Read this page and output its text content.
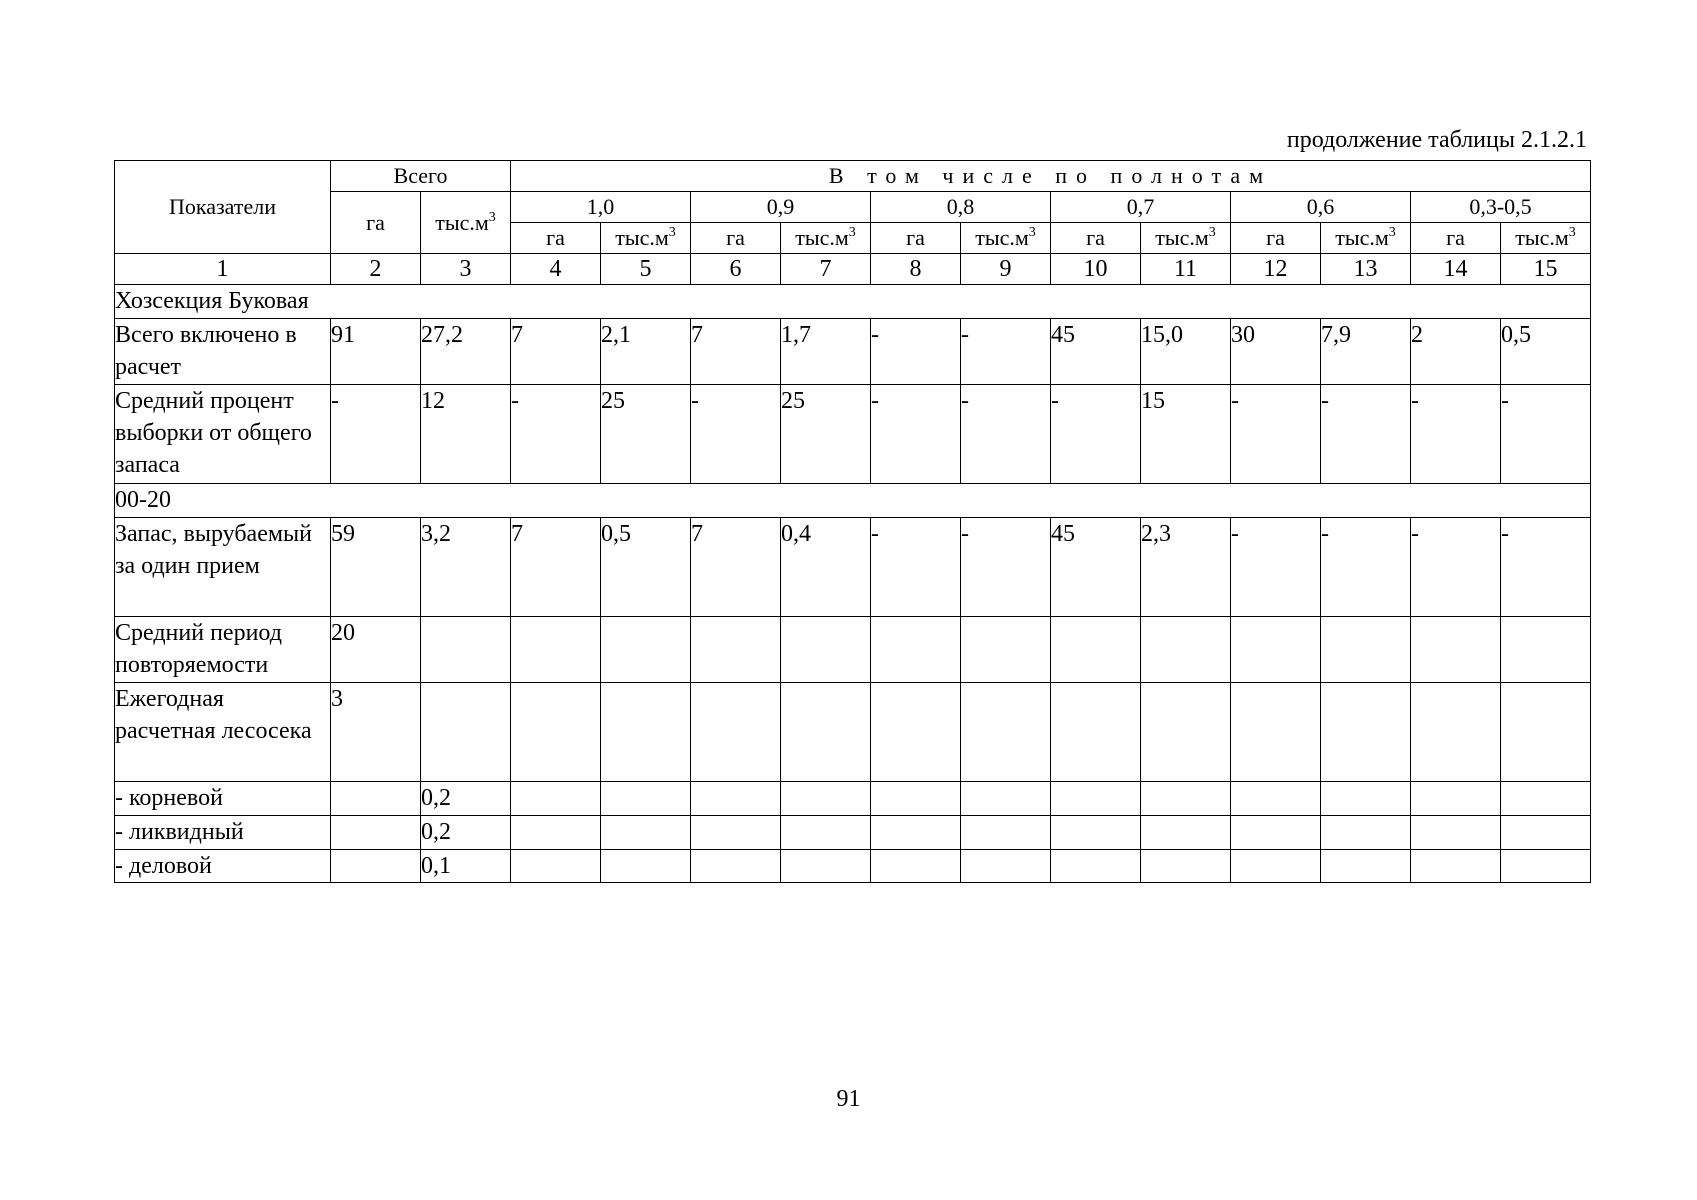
продолжение таблицы 2.1.2.1
Показатели	Всего		В том числе по полнотам											
	га	$тыс.м^3$	1,0		0,9		0,8		0,7		0,6		0,3-0,5	
			га	$тыс.м^3$	га	$тыс.м^3$	га	$тыс.м^3$	га	$тыс.м^3$	га	$тыс.м^3$	га	$тыс.м^3$
1	2	3	4	5	6	7	8	9	10	11	12	13	14	15
Хозсекция Буковая														
Всего включено в расчет	91	27,2	7	2,1	7	1,7	-	-	45	15,0	30	7,9	2	0,5
Средний процент выборки от общего запаса	-	12	-	25	-	25	-	-	-	15	-	-	-	-
00-20														
Запас, вырубаемый за один прием	59	3,2	7	0,5	7	0,4	-	-	45	2,3	-	-	-	-
Средний период повторяемости	20													
Ежегодная расчетная лесосека	3													
- корневой		0,2												
- ликвидный		0,2												
- деловой		0,1												
91
